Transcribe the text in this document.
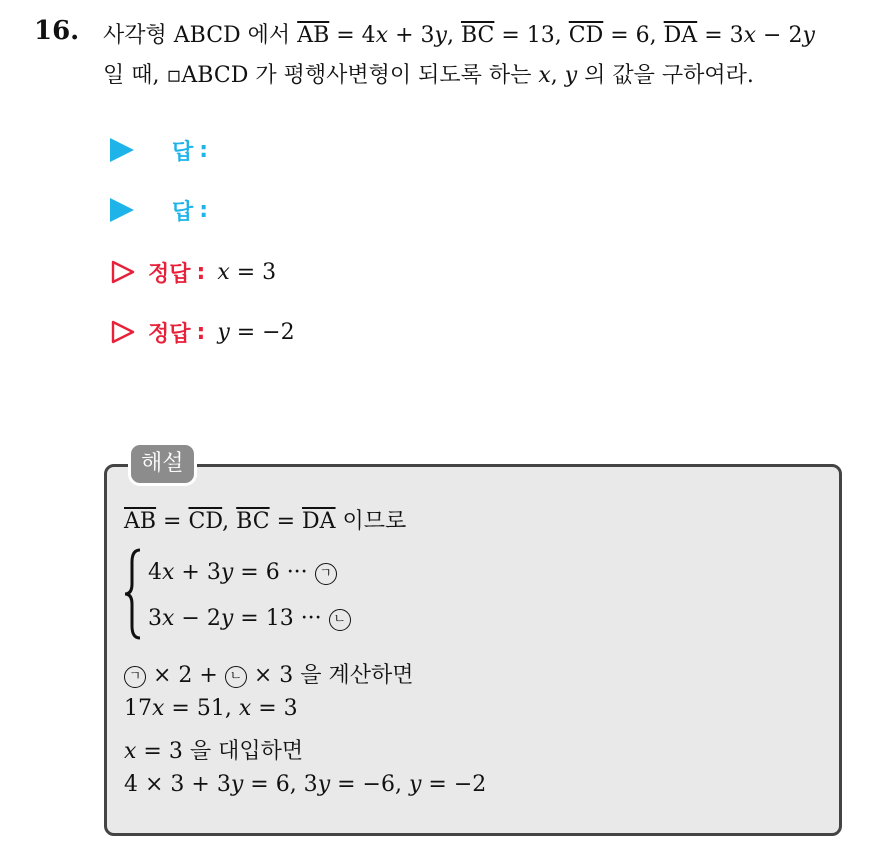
16. 사각형 ABCD 에서 $\overline{AB} = 4x + 3y$, $\overline{BC} = 13$, $\overline{CD} = 6$, $\overline{DA} = 3x - 2y$
일 때, ▫ABCD 가 평행사변형이 되도록 하는 x, y 의 값을 구하여라.
답 :
답 :
정답 : x = 3
정답 : y = −2
해설
$\overline{AB} = \overline{CD}$, $\overline{BC} = \overline{DA}$ 이므로
4x + 3y = 6 ··· ㄱ
3x − 2y = 13 ··· ㄴ
ㄱ × 2 + ㄴ × 3 을 계산하면
17x = 51, x = 3
x = 3 을 대입하면
4 × 3 + 3y = 6, 3y = −6, y = −2
